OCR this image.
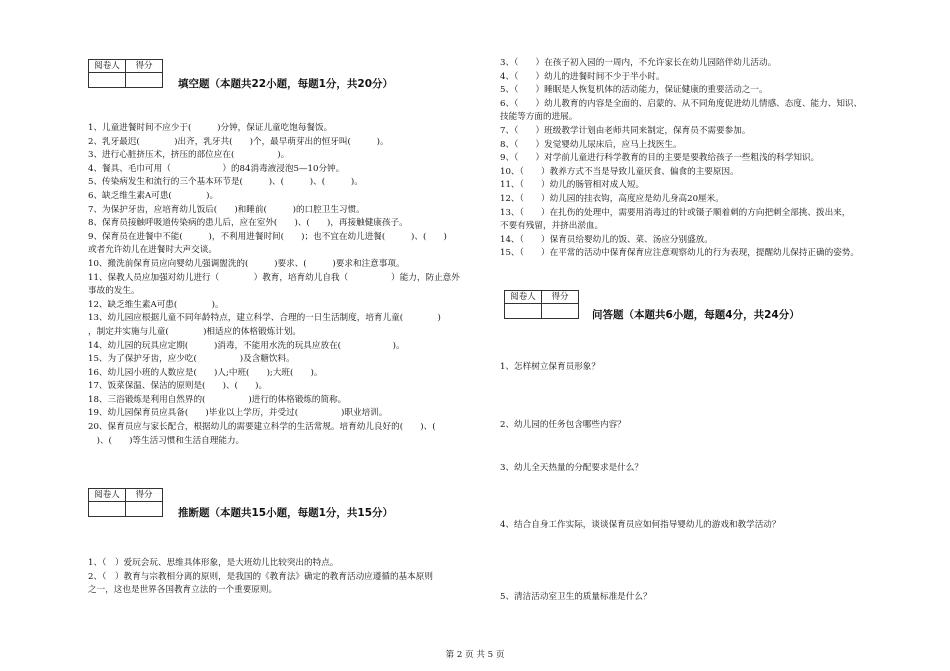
阅卷人	得分

填空题（本题共22小题，每题1分，共20分）
1、儿童进餐时间不应少于(　　　)分钟，保证儿童吃饱每餐饭。
2、乳牙最迟(　　　　)出齐，乳牙共(　　)个，最早萌芽出的恒牙叫(　　　)。
3、进行心脏挤压术，挤压的部位应在(　　　　　)。
4、餐具、毛巾可用（　　　　　　）的84消毒液浸泡5—10分钟。
5、传染病发生和流行的三个基本环节是(　　　)、(　　　)、(　　　)。
6、缺乏维生素A可患(　　　　)。
7、为保护牙齿，应培育幼儿饭后(　　)和睡前(　　　)的口腔卫生习惯。
8、保育员接触呼吸道传染病的患儿后，应在室外(　　)、(　　)，再接触健康孩子。
9、保育员在进餐中不能(　　　)，不利用进餐时间(　　)；也不宜在幼儿进餐(　　　)、(　　)
或者允许幼儿在进餐时大声交谈。
10、搬洗前保育员应向婴幼儿强调盥洗的(　　　)要求、(　　　)要求和注意事项。
11、保教人员应加强对幼儿进行（　　　　）教育，培育幼儿自我（　　　　　）能力，防止意外
事故的发生。
12、缺乏维生素A可患(　　　　)。
13、幼儿园应根据儿童不同年龄特点，建立科学、合理的一日生活制度，培育儿童(　　　　)
，制定并实施与儿童(　　　　)相适应的体格锻炼计划。
14、幼儿园的玩具应定期(　　　)消毒，不能用水洗的玩具应放在(　　　　　　)。
15、为了保护牙齿，应少吃(　　　　　)及含糖饮料。
16、幼儿园小班的人数应是(　　)人;中班(　　);大班(　　)。
17、饭菜保温、保洁的原则是(　　)、(　　)。
18、三浴锻炼是利用自然界的(　　　　　)进行的体格锻炼的简称。
19、幼儿园保育员应具备(　　)毕业以上学历，并受过(　　　　　)职业培训。
20、保育员应与家长配合，根据幼儿的需要建立科学的生活常规。培育幼儿良好的(　　)、(
　)、(　　)等生活习惯和生活自理能力。
阅卷人	得分

推断题（本题共15小题，每题1分，共15分）
1、（　）爱玩会玩、思维具体形象，是大班幼儿比较突出的特点。
2、（　）教育与宗教相分离的原则，是我国的《教育法》确定的教育活动应遵循的基本原则
之一，这也是世界各国教育立法的一个重要原则。
3、（　　）在孩子初入园的一周内，不允许家长在幼儿园陪伴幼儿活动。
4、（　　）幼儿的进餐时间不少于半小时。
5、（　　）睡眠是人恢复机体的活动能力，保证健康的重要活动之一。
6、（　　）幼儿教育的内容是全面的、启蒙的、从不同角度促进幼儿情感、态度、能力、知识、
技能等方面的进展。
7、（　　）班级教学计划由老师共同来制定，保育员不需要参加。
8、（　　）发觉婴幼儿尿床后，应马上找医生。
9、（　　）对学前儿童进行科学教育的目的主要是要教给孩子一些粗浅的科学知识。
10、（　　）教养方式不当是导致儿童厌食、偏食的主要原因。
11、（　　）幼儿的肠管相对成人短。
12、（　　）幼儿园的挂衣钩，高度应是幼儿身高20厘米。
13、（　　）在扎伤的处理中，需要用消毒过的针或镊子顺着刺的方向把刺全部挑、拨出来，
不要有残留，并挤出淤血。
14、（　　）保育员给婴幼儿的饭、菜、汤应分别盛放。
15、（　　）在平常的活动中保育保育应注意观察幼儿的行为表现，提醒幼儿保持正确的姿势。
阅卷人	得分

问答题（本题共6小题，每题4分，共24分）
1、怎样树立保育员形象？
2、幼儿园的任务包含哪些内容？
3、幼儿全天热量的分配要求是什么？
4、结合自身工作实际，谈谈保育员应如何指导婴幼儿的游戏和教学活动？
5、清洁活动室卫生的质量标准是什么？
第 2 页 共 5 页
